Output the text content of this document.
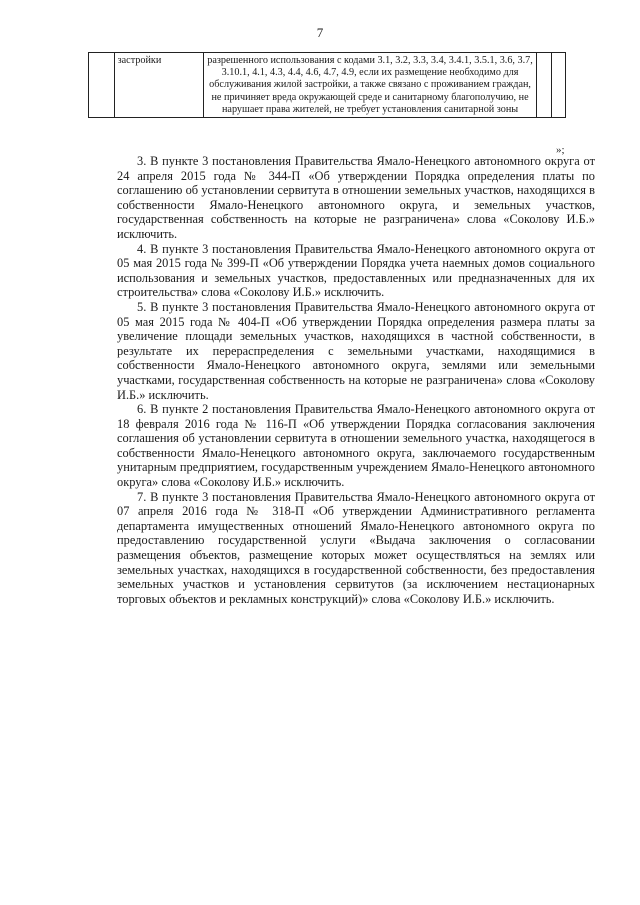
7
	застройки	разрешенного использования с кодами 3.1, 3.2, 3.3, 3.4, 3.4.1, 3.5.1, 3.6, 3.7, 3.10.1, 4.1, 4.3, 4.4, 4.6, 4.7, 4.9, если их размещение необходимо для обслуживания жилой застройки, а также связано с проживанием граждан, не причиняет вреда окружающей среде и санитарному благополучию, не нарушает права жителей, не требует установления санитарной зоны		
»;

3. В пункте 3 постановления Правительства Ямало-Ненецкого автономного округа от 24 апреля 2015 года № 344-П «Об утверждении Порядка определения платы по соглашению об установлении сервитута в отношении земельных участков, находящихся в собственности Ямало-Ненецкого автономного округа, и земельных участков, государственная собственность на которые не разграничена» слова «Соколову И.Б.» исключить.

4. В пункте 3 постановления Правительства Ямало-Ненецкого автономного округа от 05 мая 2015 года № 399-П «Об утверждении Порядка учета наемных домов социального использования и земельных участков, предоставленных или предназначенных для их строительства» слова «Соколову И.Б.» исключить.

5. В пункте 3 постановления Правительства Ямало-Ненецкого автономного округа от 05 мая 2015 года № 404-П «Об утверждении Порядка определения размера платы за увеличение площади земельных участков, находящихся в частной собственности, в результате их перераспределения с земельными участками, находящимися в собственности Ямало-Ненецкого автономного округа, землями или земельными участками, государственная собственность на которые не разграничена» слова «Соколову И.Б.» исключить.

6. В пункте 2 постановления Правительства Ямало-Ненецкого автономного округа от 18 февраля 2016 года № 116-П «Об утверждении Порядка согласования заключения соглашения об установлении сервитута в отношении земельного участка, находящегося в собственности Ямало-Ненецкого автономного округа, заключаемого государственным унитарным предприятием, государственным учреждением Ямало-Ненецкого автономного округа» слова «Соколову И.Б.» исключить.

7. В пункте 3 постановления Правительства Ямало-Ненецкого автономного округа от 07 апреля 2016 года № 318-П «Об утверждении Административного регламента департамента имущественных отношений Ямало-Ненецкого автономного округа по предоставлению государственной услуги «Выдача заключения о согласовании размещения объектов, размещение которых может осуществляться на землях или земельных участках, находящихся в государственной собственности, без предоставления земельных участков и установления сервитутов (за исключением нестационарных торговых объектов и рекламных конструкций)» слова «Соколову И.Б.» исключить.
